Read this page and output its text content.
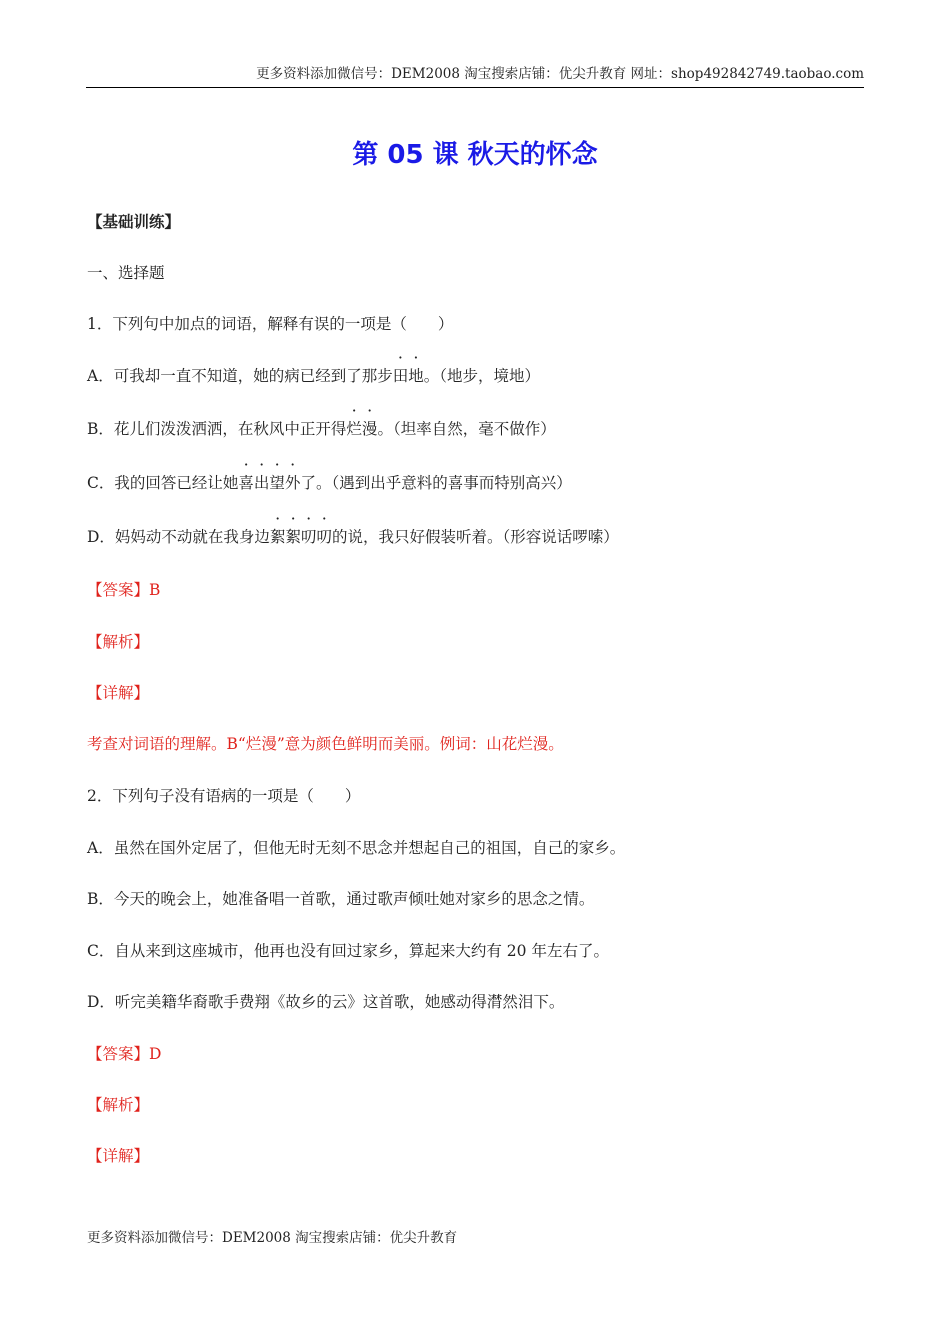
更多资料添加微信号：DEM2008 淘宝搜索店铺：优尖升教育 网址：shop492842749.taobao.com
第 05 课 秋天的怀念
【基础训练】
一、选择题
1．下列句中加点的词语，解释有误的一项是（　　）
A．可我却一直不知道，她的病已经到了那步田地。（地步，境地）
B．花儿们泼泼洒洒，在秋风中正开得烂漫。（坦率自然，毫不做作）
C．我的回答已经让她喜出望外了。（遇到出乎意料的喜事而特别高兴）
D．妈妈动不动就在我身边絮絮叨叨的说，我只好假装听着。（形容说话啰嗦）
【答案】B
【解析】
【详解】
考查对词语的理解。B“烂漫”意为颜色鲜明而美丽。例词：山花烂漫。
2．下列句子没有语病的一项是（　　）
A．虽然在国外定居了，但他无时无刻不思念并想起自己的祖国，自己的家乡。
B．今天的晚会上，她准备唱一首歌，通过歌声倾吐她对家乡的思念之情。
C．自从来到这座城市，他再也没有回过家乡，算起来大约有 20 年左右了。
D．听完美籍华裔歌手费翔《故乡的云》这首歌，她感动得潸然泪下。
【答案】D
【解析】
【详解】
更多资料添加微信号：DEM2008 淘宝搜索店铺：优尖升教育
